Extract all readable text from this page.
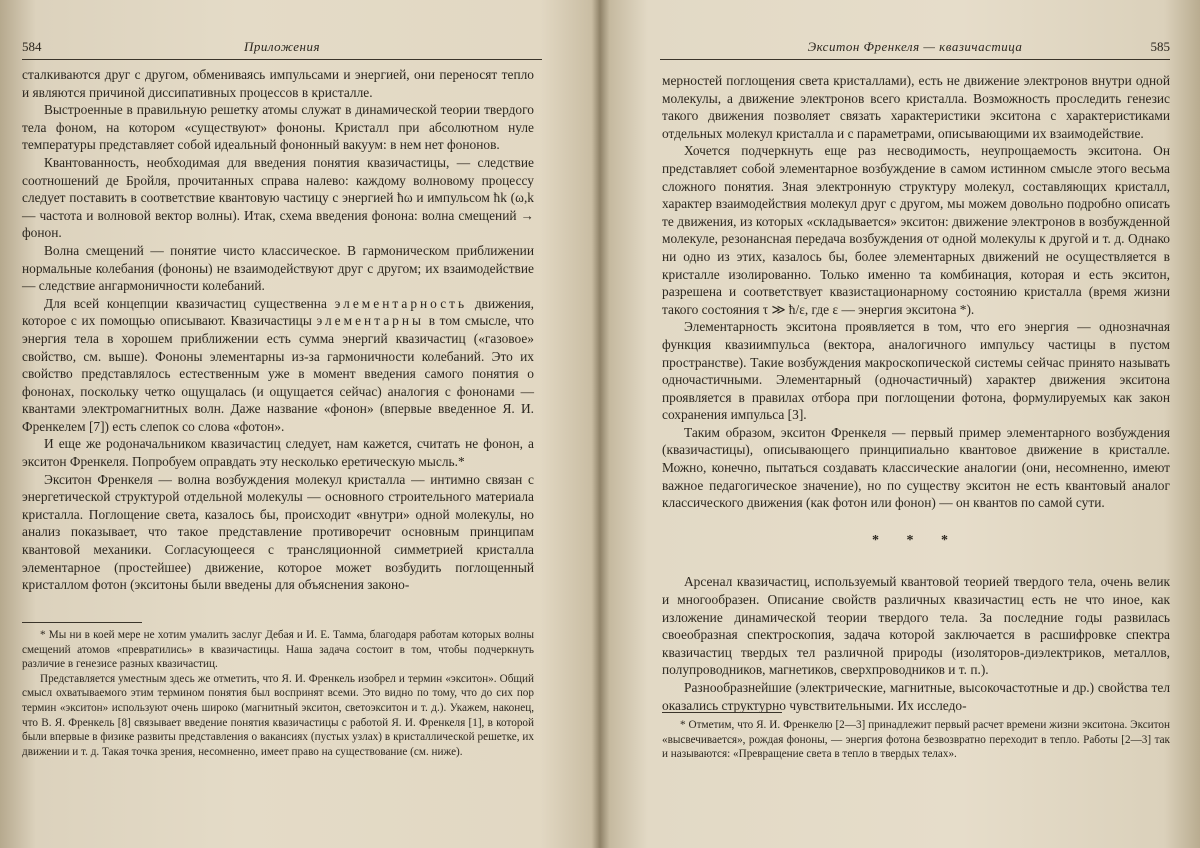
584	Приложения

сталкиваются друг с другом, обмениваясь импульсами и энергией, они переносят тепло и являются причиной диссипативных процессов в кристалле.

Выстроенные в правильную решетку атомы служат в динамической теории твердого тела фоном, на котором «существуют» фононы. Кристалл при абсолютном нуле температуры представляет собой идеальный фононный вакуум: в нем нет фононов.

Квантованность, необходимая для введения понятия квазичастицы, — следствие соотношений де Бройля, прочитанных справа налево: каждому волновому процессу следует поставить в соответствие квантовую частицу с энергией ħω и импульсом ħk (ω,k — частота и волновой вектор волны). Итак, схема введения фонона: волна смещений → фонон.

Волна смещений — понятие чисто классическое. В гармоническом приближении нормальные колебания (фононы) не взаимодействуют друг с другом; их взаимодействие — следствие ангармоничности колебаний.

Для всей концепции квазичастиц существенна элементарность движения, которое с их помощью описывают. Квазичастицы элементарны в том смысле, что энергия тела в хорошем приближении есть сумма энергий квазичастиц («газовое» свойство, см. выше). Фононы элементарны из-за гармоничности колебаний. Это их свойство представлялось естественным уже в момент введения самого понятия о фононах, поскольку четко ощущалась (и ощущается сейчас) аналогия с фононами — квантами электромагнитных волн. Даже название «фонон» (впервые введенное Я. И. Френкелем [7]) есть слепок со слова «фотон».

И еще же родоначальником квазичастиц следует, нам кажется, считать не фонон, а экситон Френкеля. Попробуем оправдать эту несколько еретическую мысль.*

Экситон Френкеля — волна возбуждения молекул кристалла — интимно связан с энергетической структурой отдельной молекулы — основного строительного материала кристалла. Поглощение света, казалось бы, происходит «внутри» одной молекулы, но анализ показывает, что такое представление противоречит основным принципам квантовой механики. Согласующееся с трансляционной симметрией кристалла элементарное (простейшее) движение, которое может возбудить поглощенный кристаллом фотон (экситоны были введены для объяснения законо-

* Мы ни в коей мере не хотим умалить заслуг Дебая и И. Е. Тамма, благодаря работам которых волны смещений атомов «превратились» в квазичастицы. Наша задача состоит в том, чтобы подчеркнуть различие в генезисе разных квазичастиц.

Представляется уместным здесь же отметить, что Я. И. Френкель изобрел и термин «экситон». Общий смысл охватываемого этим термином понятия был воспринят всеми. Это видно по тому, что до сих пор термин «экситон» используют очень широко (магнитный экситон, светоэкситон и т. д.). Укажем, наконец, что В. Я. Френкель [8] связывает введение понятия квазичастицы с работой Я. И. Френкеля [1], в которой были впервые в физике развиты представления о вакансиях (пустых узлах) в кристаллической решетке, их движении и т. д. Такая точка зрения, несомненно, имеет право на существование (см. ниже).

Экситон Френкеля — квазичастица	585

мерностей поглощения света кристаллами), есть не движение электронов внутри одной молекулы, а движение электронов всего кристалла. Возможность проследить генезис такого движения позволяет связать характеристики экситона с характеристиками отдельных молекул кристалла и с параметрами, описывающими их взаимодействие.

Хочется подчеркнуть еще раз несводимость, неупрощаемость экситона. Он представляет собой элементарное возбуждение в самом истинном смысле этого весьма сложного понятия. Зная электронную структуру молекул, составляющих кристалл, характер взаимодействия молекул друг с другом, мы можем довольно подробно описать те движения, из которых «складывается» экситон: движение электронов в возбужденной молекуле, резонансная передача возбуждения от одной молекулы к другой и т. д. Однако ни одно из этих, казалось бы, более элементарных движений не осуществляется в кристалле изолированно. Только именно та комбинация, которая и есть экситон, разрешена и соответствует квазистационарному состоянию кристалла (время жизни такого состояния τ ≫ ħ/ε, где ε — энергия экситона *).

Элементарность экситона проявляется в том, что его энергия — однозначная функция квазиимпульса (вектора, аналогичного импульсу частицы в пустом пространстве). Такие возбуждения макроскопической системы сейчас принято называть одночастичными. Элементарный (одночастичный) характер движения экситона проявляется в правилах отбора при поглощении фотона, формулируемых как закон сохранения импульса [3].

Таким образом, экситон Френкеля — первый пример элементарного возбуждения (квазичастицы), описывающего принципиально квантовое движение в кристалле. Можно, конечно, пытаться создавать классические аналогии (они, несомненно, имеют важное педагогическое значение), но по существу экситон не есть квантовый аналог классического движения (как фотон или фонон) — он квантов по самой сути.

* * *

Арсенал квазичастиц, используемый квантовой теорией твердого тела, очень велик и многообразен. Описание свойств различных квазичастиц есть не что иное, как изложение динамической теории твердого тела. За последние годы развилась своеобразная спектроскопия, задача которой заключается в расшифровке спектра квазичастиц твердых тел различной природы (изоляторов-диэлектриков, металлов, полупроводников, магнетиков, сверхпроводников и т. п.).

Разнообразнейшие (электрические, магнитные, высокочастотные и др.) свойства тел оказались структурно чувствительными. Их исследо-

* Отметим, что Я. И. Френкелю [2—3] принадлежит первый расчет времени жизни экситона. Экситон «высвечивается», рождая фононы, — энергия фотона безвозвратно переходит в тепло. Работы [2—3] так и называются: «Превращение света в тепло в твердых телах».
